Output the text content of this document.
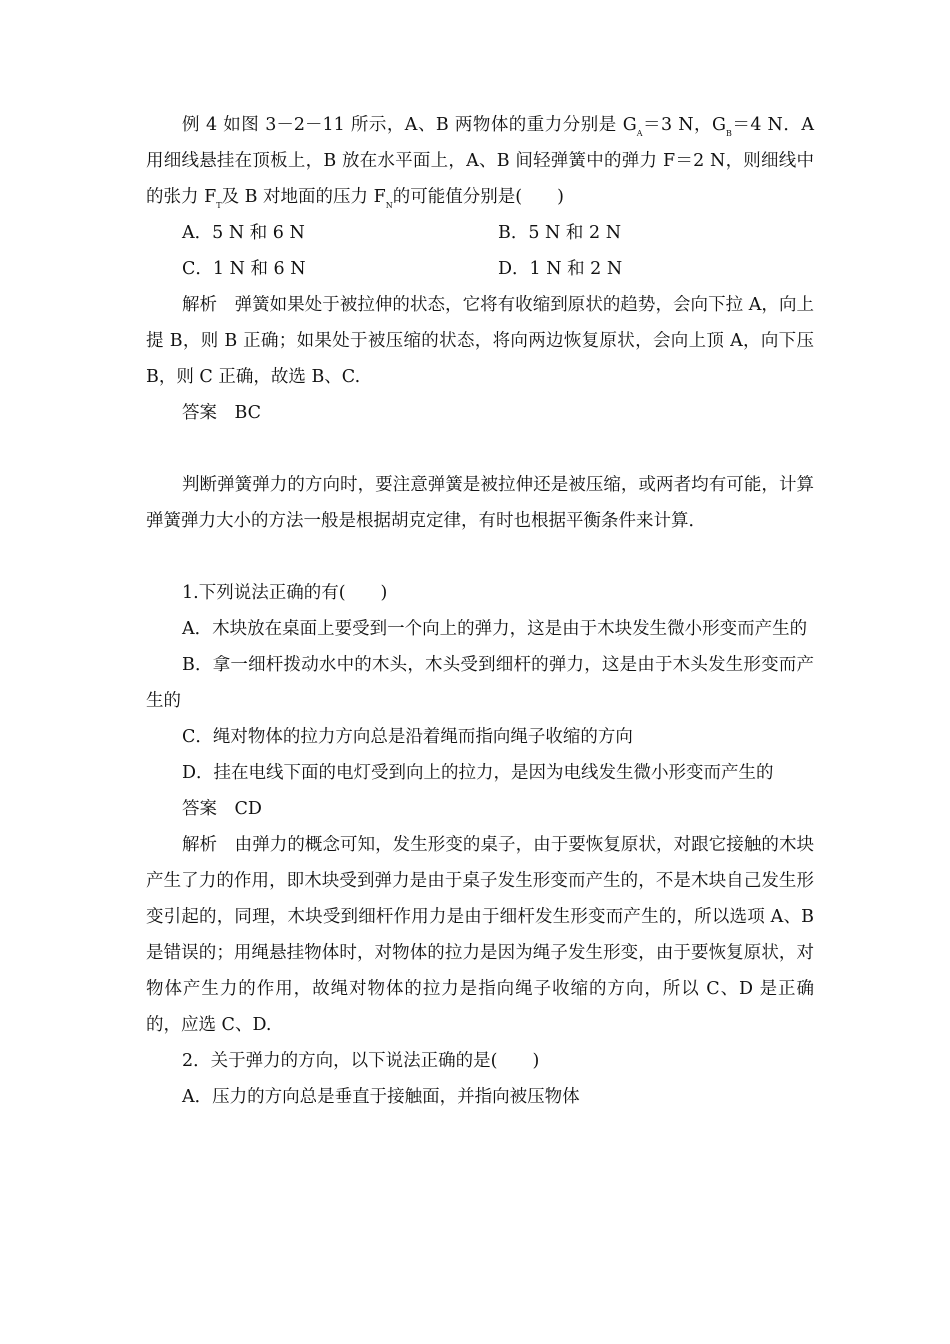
例 4 如图 3－2－11 所示，A、B 两物体的重力分别是 $G_A=3$ N，$G_B=4$ N．A用细线悬挂在顶板上，B 放在水平面上，A、B 间轻弹簧中的弹力 F＝2 N，则细线中的张力 $F_T$及 B 对地面的压力 $F_N$的可能值分别是(　　)

A．5 N 和 6 N	B．5 N 和 2 N
C．1 N 和 6 N	D．1 N 和 2 N

解析　弹簧如果处于被拉伸的状态，它将有收缩到原状的趋势，会向下拉 A，向上提 B，则 B 正确；如果处于被压缩的状态，将向两边恢复原状，会向上顶 A，向下压 B，则 C 正确，故选 B、C.

答案　BC

判断弹簧弹力的方向时，要注意弹簧是被拉伸还是被压缩，或两者均有可能，计算弹簧弹力大小的方法一般是根据胡克定律，有时也根据平衡条件来计算．

1.下列说法正确的有(　　)

A．木块放在桌面上要受到一个向上的弹力，这是由于木块发生微小形变而产生的

B．拿一细杆拨动水中的木头，木头受到细杆的弹力，这是由于木头发生形变而产生的

C．绳对物体的拉力方向总是沿着绳而指向绳子收缩的方向

D．挂在电线下面的电灯受到向上的拉力，是因为电线发生微小形变而产生的

答案　CD

解析　由弹力的概念可知，发生形变的桌子，由于要恢复原状，对跟它接触的木块产生了力的作用，即木块受到弹力是由于桌子发生形变而产生的，不是木块自己发生形变引起的，同理，木块受到细杆作用力是由于细杆发生形变而产生的，所以选项 A、B 是错误的；用绳悬挂物体时，对物体的拉力是因为绳子发生形变，由于要恢复原状，对物体产生力的作用，故绳对物体的拉力是指向绳子收缩的方向，所以 C、D 是正确的，应选 C、D.

2．关于弹力的方向，以下说法正确的是(　　)

A．压力的方向总是垂直于接触面，并指向被压物体
